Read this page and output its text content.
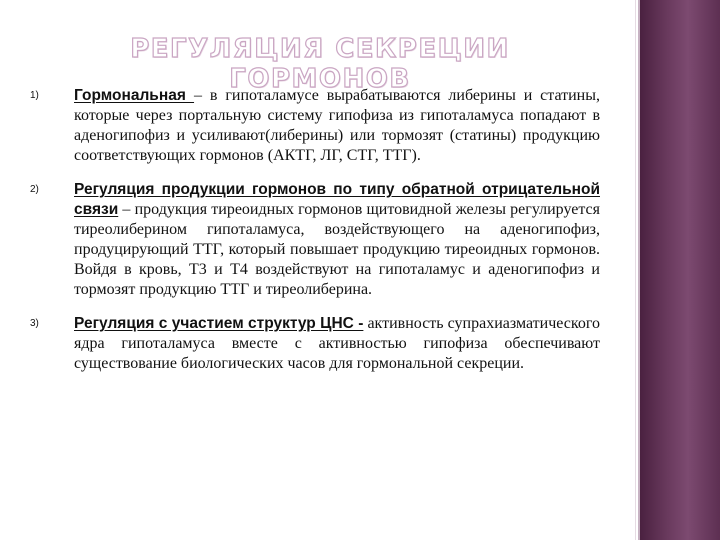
РЕГУЛЯЦИЯ СЕКРЕЦИИ ГОРМОНОВ
1) Гормональная – в гипоталамусе вырабатываются либерины и статины, которые через портальную систему гипофиза из гипоталамуса попадают в аденогипофиз и усиливают(либерины) или тормозят (статины) продукцию соответствующих гормонов (АКТГ, ЛГ, СТГ, ТТГ).
2) Регуляция продукции гормонов по типу обратной отрицательной связи – продукция тиреоидных гормонов щитовидной железы регулируется тиреолиберином гипоталамуса, воздействующего на аденогипофиз, продуцирующий ТТГ, который повышает продукцию тиреоидных гормонов. Войдя в кровь, Т3 и Т4 воздействуют на гипоталамус и аденогипофиз и тормозят продукцию ТТГ и тиреолиберина.
3) Регуляция с участием структур ЦНС - активность супрахиазматического ядра гипоталамуса вместе с активностью гипофиза обеспечивают существование биологических часов для гормональной секреции.
